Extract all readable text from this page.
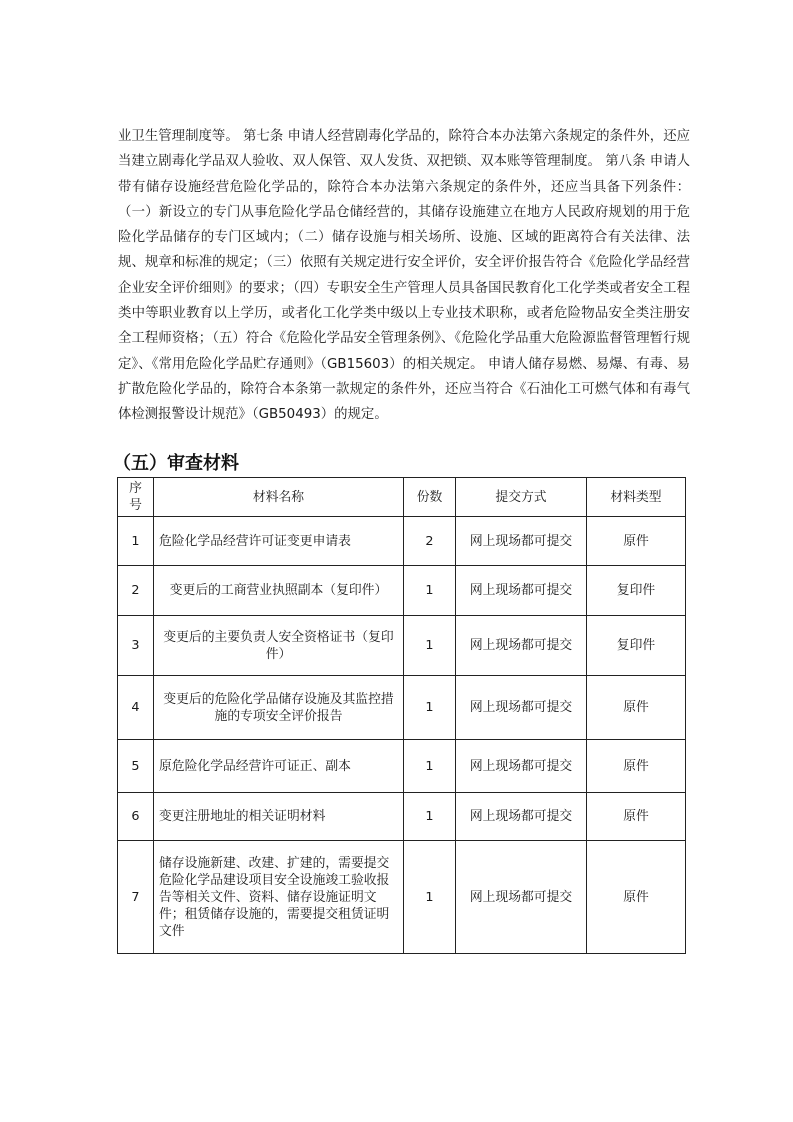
业卫生管理制度等。 第七条 申请人经营剧毒化学品的，除符合本办法第六条规定的条件外，还应当建立剧毒化学品双人验收、双人保管、双人发货、双把锁、双本账等管理制度。 第八条 申请人带有储存设施经营危险化学品的，除符合本办法第六条规定的条件外，还应当具备下列条件：（一）新设立的专门从事危险化学品仓储经营的，其储存设施建立在地方人民政府规划的用于危险化学品储存的专门区域内；（二）储存设施与相关场所、设施、区域的距离符合有关法律、法规、规章和标准的规定；（三）依照有关规定进行安全评价，安全评价报告符合《危险化学品经营企业安全评价细则》的要求；（四）专职安全生产管理人员具备国民教育化工化学类或者安全工程类中等职业教育以上学历，或者化工化学类中级以上专业技术职称，或者危险物品安全类注册安全工程师资格；（五）符合《危险化学品安全管理条例》、《危险化学品重大危险源监督管理暂行规定》、《常用危险化学品贮存通则》（GB15603）的相关规定。 申请人储存易燃、易爆、有毒、易扩散危险化学品的，除符合本条第一款规定的条件外，还应当符合《石油化工可燃气体和有毒气体检测报警设计规范》（GB50493）的规定。

（五）审查材料
序号	材料名称	份数	提交方式	材料类型
1	危险化学品经营许可证变更申请表	2	网上现场都可提交	原件
2	变更后的工商营业执照副本（复印件）	1	网上现场都可提交	复印件
3	变更后的主要负责人安全资格证书（复印件）	1	网上现场都可提交	复印件
4	变更后的危险化学品储存设施及其监控措施的专项安全评价报告	1	网上现场都可提交	原件
5	原危险化学品经营许可证正、副本	1	网上现场都可提交	原件
6	变更注册地址的相关证明材料	1	网上现场都可提交	原件
7	储存设施新建、改建、扩建的，需要提交危险化学品建设项目安全设施竣工验收报告等相关文件、资料、储存设施证明文件；租赁储存设施的，需要提交租赁证明文件	1	网上现场都可提交	原件
